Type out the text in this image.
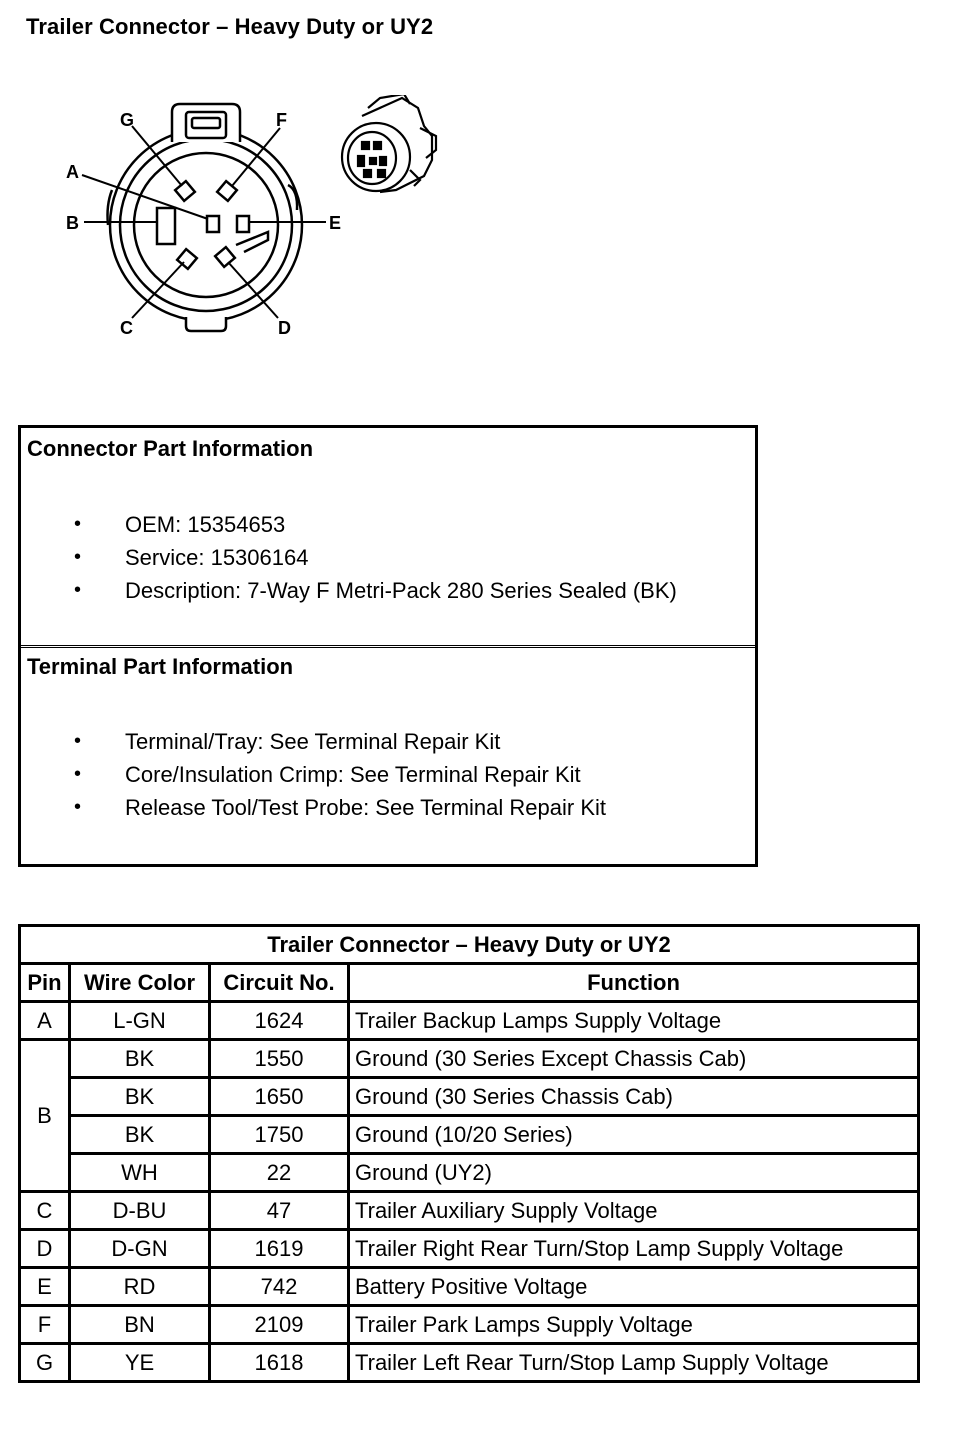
Trailer Connector – Heavy Duty or UY2
G	F
A
B	E
C	D
Connector Part Information
• OEM: 15354653
• Service: 15306164
• Description: 7-Way F Metri-Pack 280 Series Sealed (BK)
Terminal Part Information
• Terminal/Tray: See Terminal Repair Kit
• Core/Insulation Crimp: See Terminal Repair Kit
• Release Tool/Test Probe: See Terminal Repair Kit
Trailer Connector – Heavy Duty or UY2			
Pin	Wire Color	Circuit No.	Function
A	L-GN	1624	Trailer Backup Lamps Supply Voltage
B	BK	1550	Ground (30 Series Except Chassis Cab)
	BK	1650	Ground (30 Series Chassis Cab)
	BK	1750	Ground (10/20 Series)
	WH	22	Ground (UY2)
C	D-BU	47	Trailer Auxiliary Supply Voltage
D	D-GN	1619	Trailer Right Rear Turn/Stop Lamp Supply Voltage
E	RD	742	Battery Positive Voltage
F	BN	2109	Trailer Park Lamps Supply Voltage
G	YE	1618	Trailer Left Rear Turn/Stop Lamp Supply Voltage
